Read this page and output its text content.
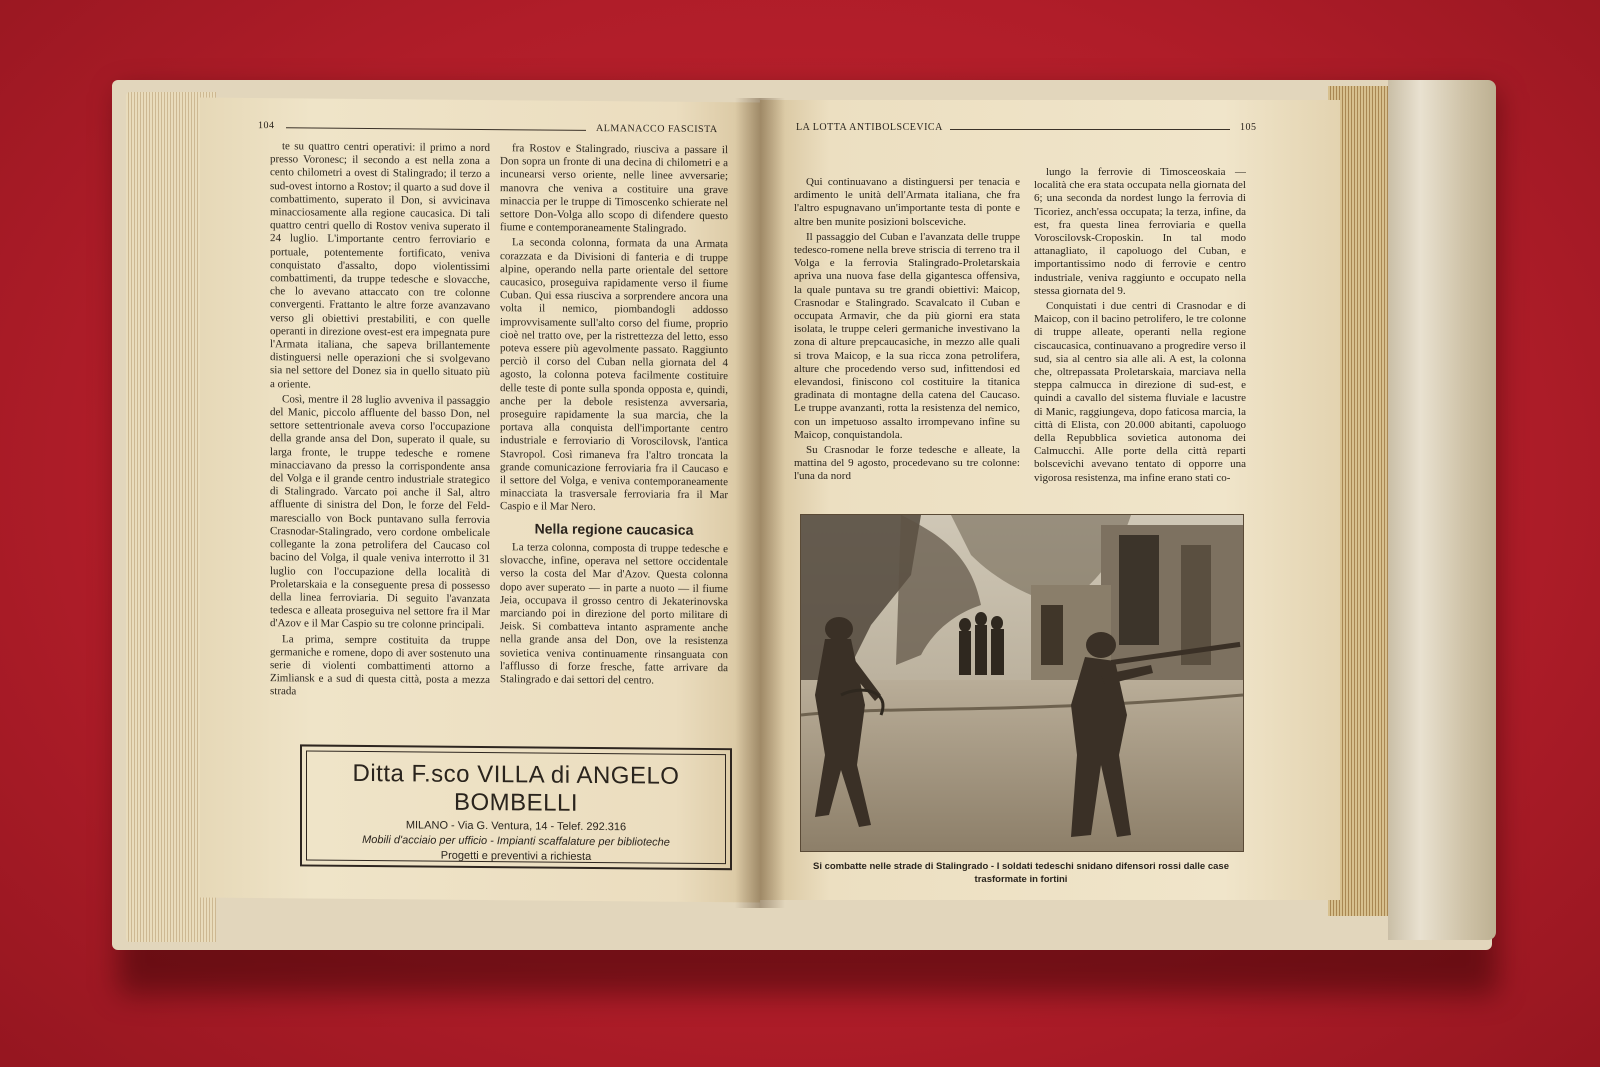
104	ALMANACCO FASCISTA

te su quattro centri operativi: il primo a nord presso Voronesc; il secondo a est nella zona a cento chilometri a ovest di Stalingrado; il terzo a sud-ovest intorno a Rostov; il quarto a sud dove il combattimento, superato il Don, si avvicinava minacciosamente alla regione caucasica. Di tali quattro centri quello di Rostov veniva superato il 24 luglio. L'importante centro ferroviario e portuale, potentemente fortificato, veniva conquistato d'assalto, dopo violentissimi combattimenti, da truppe tedesche e slovacche, che lo avevano attaccato con tre colonne convergenti. Frattanto le altre forze avanzavano verso gli obiettivi prestabiliti, e con quelle operanti in direzione ovest-est era impegnata pure l'Armata italiana, che sapeva brillantemente distinguersi nelle operazioni che si svolgevano sia nel settore del Donez sia in quello situato più a oriente.

Così, mentre il 28 luglio avveniva il passaggio del Manic, piccolo affluente del basso Don, nel settore settentrionale aveva corso l'occupazione della grande ansa del Don, superato il quale, su larga fronte, le truppe tedesche e romene minacciavano da presso la corrispondente ansa del Volga e il grande centro industriale strategico di Stalingrado. Varcato poi anche il Sal, altro affluente di sinistra del Don, le forze del Feld-maresciallo von Bock puntavano sulla ferrovia Crasnodar-Stalingrado, vero cordone ombelicale collegante la zona petrolifera del Caucaso col bacino del Volga, il quale veniva interrotto il 31 luglio con l'occupazione della località di Proletarskaia e la conseguente presa di possesso della linea ferroviaria. Di seguito l'avanzata tedesca e alleata proseguiva nel settore fra il Mar d'Azov e il Mar Caspio su tre colonne principali.

La prima, sempre costituita da truppe germaniche e romene, dopo di aver sostenuto una serie di violenti combattimenti attorno a Zimliansk e a sud di questa città, posta a mezza strada

fra Rostov e Stalingrado, riusciva a passare il Don sopra un fronte di una decina di chilometri e a incunearsi verso oriente, nelle linee avversarie; manovra che veniva a costituire una grave minaccia per le truppe di Timoscenko schierate nel settore Don-Volga allo scopo di difendere questo fiume e contemporaneamente Stalingrado.

La seconda colonna, formata da una Armata corazzata e da Divisioni di fanteria e di truppe alpine, operando nella parte orientale del settore caucasico, proseguiva rapidamente verso il fiume Cuban. Qui essa riusciva a sorprendere ancora una volta il nemico, piombandogli addosso improvvisamente sull'alto corso del fiume, proprio cioè nel tratto ove, per la ristrettezza del letto, esso poteva essere più agevolmente passato. Raggiunto perciò il corso del Cuban nella giornata del 4 agosto, la colonna poteva facilmente costituire delle teste di ponte sulla sponda opposta e, quindi, anche per la debole resistenza avversaria, proseguire rapidamente la sua marcia, che la portava alla conquista dell'importante centro industriale e ferroviario di Voroscilovsk, l'antica Stavropol. Così rimaneva fra l'altro troncata la grande comunicazione ferroviaria fra il Caucaso e il settore del Volga, e veniva contemporaneamente minacciata la trasversale ferroviaria fra il Mar Caspio e il Mar Nero.

Nella regione caucasica

La terza colonna, composta di truppe tedesche e slovacche, infine, operava nel settore occidentale verso la costa del Mar d'Azov. Questa colonna dopo aver superato — in parte a nuoto — il fiume Jeia, occupava il grosso centro di Jekaterinovska marciando poi in direzione del porto militare di Jeisk. Si combatteva intanto aspramente anche nella grande ansa del Don, ove la resistenza sovietica veniva continuamente rinsanguata con l'afflusso di forze fresche, fatte arrivare da Stalingrado e dai settori del centro.

Ditta F.sco VILLA di ANGELO BOMBELLI
MILANO - Via G. Ventura, 14 - Telef. 292.316
Mobili d'acciaio per ufficio - Impianti scaffalature per biblioteche
Progetti e preventivi a richiesta
LA LOTTA ANTIBOLSCEVICA	105

Qui continuavano a distinguersi per tenacia e ardimento le unità dell'Armata italiana, che fra l'altro espugnavano un'importante testa di ponte e altre ben munite posizioni bolsceviche.

Il passaggio del Cuban e l'avanzata delle truppe tedesco-romene nella breve striscia di terreno tra il Volga e la ferrovia Stalingrado-Proletarskaia apriva una nuova fase della gigantesca offensiva, la quale puntava su tre grandi obiettivi: Maicop, Crasnodar e Stalingrado. Scavalcato il Cuban e occupata Armavir, che da più giorni era stata isolata, le truppe celeri germaniche investivano la zona di alture prepcaucasiche, in mezzo alle quali si trova Maicop, e la sua ricca zona petrolifera, alture che procedendo verso sud, infittendosi ed elevandosi, finiscono col costituire la titanica gradinata di montagne della catena del Caucaso. Le truppe avanzanti, rotta la resistenza del nemico, con un impetuoso assalto irrompevano infine su Maicop, conquistandola.

Su Crasnodar le forze tedesche e alleate, la mattina del 9 agosto, procedevano su tre colonne: l'una da nord

lungo la ferrovie di Timosceoskaia — località che era stata occupata nella giornata del 6; una seconda da nordest lungo la ferrovia di Ticoriez, anch'essa occupata; la terza, infine, da est, fra questa linea ferroviaria e quella Voroscilovsk-Croposkin. In tal modo attanagliato, il capoluogo del Cuban, e importantissimo nodo di ferrovie e centro industriale, veniva raggiunto e occupato nella stessa giornata del 9.

Conquistati i due centri di Crasnodar e di Maicop, con il bacino petrolifero, le tre colonne di truppe alleate, operanti nella regione ciscaucasica, continuavano a progredire verso il sud, sia al centro sia alle ali. A est, la colonna che, oltrepassata Proletarskaia, marciava nella steppa calmucca in direzione di sud-est, e quindi a cavallo del sistema fluviale e lacustre di Manic, raggiungeva, dopo faticosa marcia, la città di Elista, con 20.000 abitanti, capoluogo della Repubblica sovietica autonoma dei Calmucchi. Alle porte della città reparti bolscevichi avevano tentato di opporre una vigorosa resistenza, ma infine erano stati co-

Si combatte nelle strade di Stalingrado - I soldati tedeschi snidano difensori rossi dalle case trasformate in fortini
